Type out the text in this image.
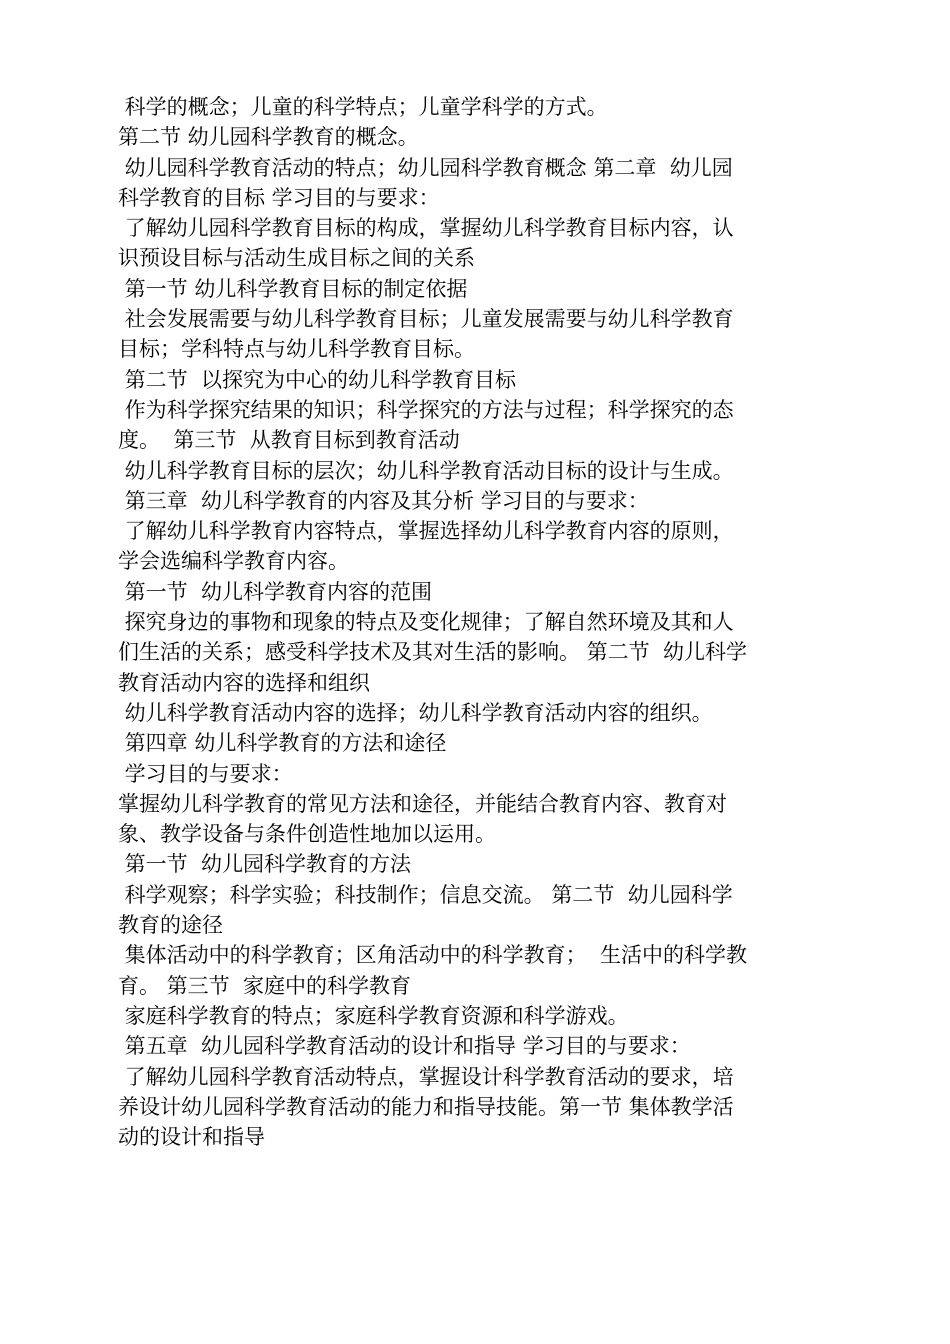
科学的概念；儿童的科学特点；儿童学科学的方式。
第二节 幼儿园科学教育的概念。
幼儿园科学教育活动的特点；幼儿园科学教育概念 第二章  幼儿园
科学教育的目标 学习目的与要求：
了解幼儿园科学教育目标的构成，掌握幼儿科学教育目标内容，认
识预设目标与活动生成目标之间的关系
第一节 幼儿科学教育目标的制定依据
社会发展需要与幼儿科学教育目标；儿童发展需要与幼儿科学教育
目标；学科特点与幼儿科学教育目标。
第二节  以探究为中心的幼儿科学教育目标
作为科学探究结果的知识；科学探究的方法与过程；科学探究的态
度。  第三节  从教育目标到教育活动
幼儿科学教育目标的层次；幼儿科学教育活动目标的设计与生成。
第三章  幼儿科学教育的内容及其分析 学习目的与要求：
了解幼儿科学教育内容特点，掌握选择幼儿科学教育内容的原则，
学会选编科学教育内容。
第一节  幼儿科学教育内容的范围
探究身边的事物和现象的特点及变化规律；了解自然环境及其和人
们生活的关系；感受科学技术及其对生活的影响。 第二节  幼儿科学
教育活动内容的选择和组织
幼儿科学教育活动内容的选择；幼儿科学教育活动内容的组织。
第四章 幼儿科学教育的方法和途径
学习目的与要求：
掌握幼儿科学教育的常见方法和途径，并能结合教育内容、教育对
象、教学设备与条件创造性地加以运用。
第一节  幼儿园科学教育的方法
科学观察；科学实验；科技制作；信息交流。 第二节  幼儿园科学
教育的途径
集体活动中的科学教育；区角活动中的科学教育；  生活中的科学教
育。 第三节  家庭中的科学教育
家庭科学教育的特点；家庭科学教育资源和科学游戏。
第五章  幼儿园科学教育活动的设计和指导 学习目的与要求：
了解幼儿园科学教育活动特点，掌握设计科学教育活动的要求，培
养设计幼儿园科学教育活动的能力和指导技能。第一节 集体教学活
动的设计和指导
